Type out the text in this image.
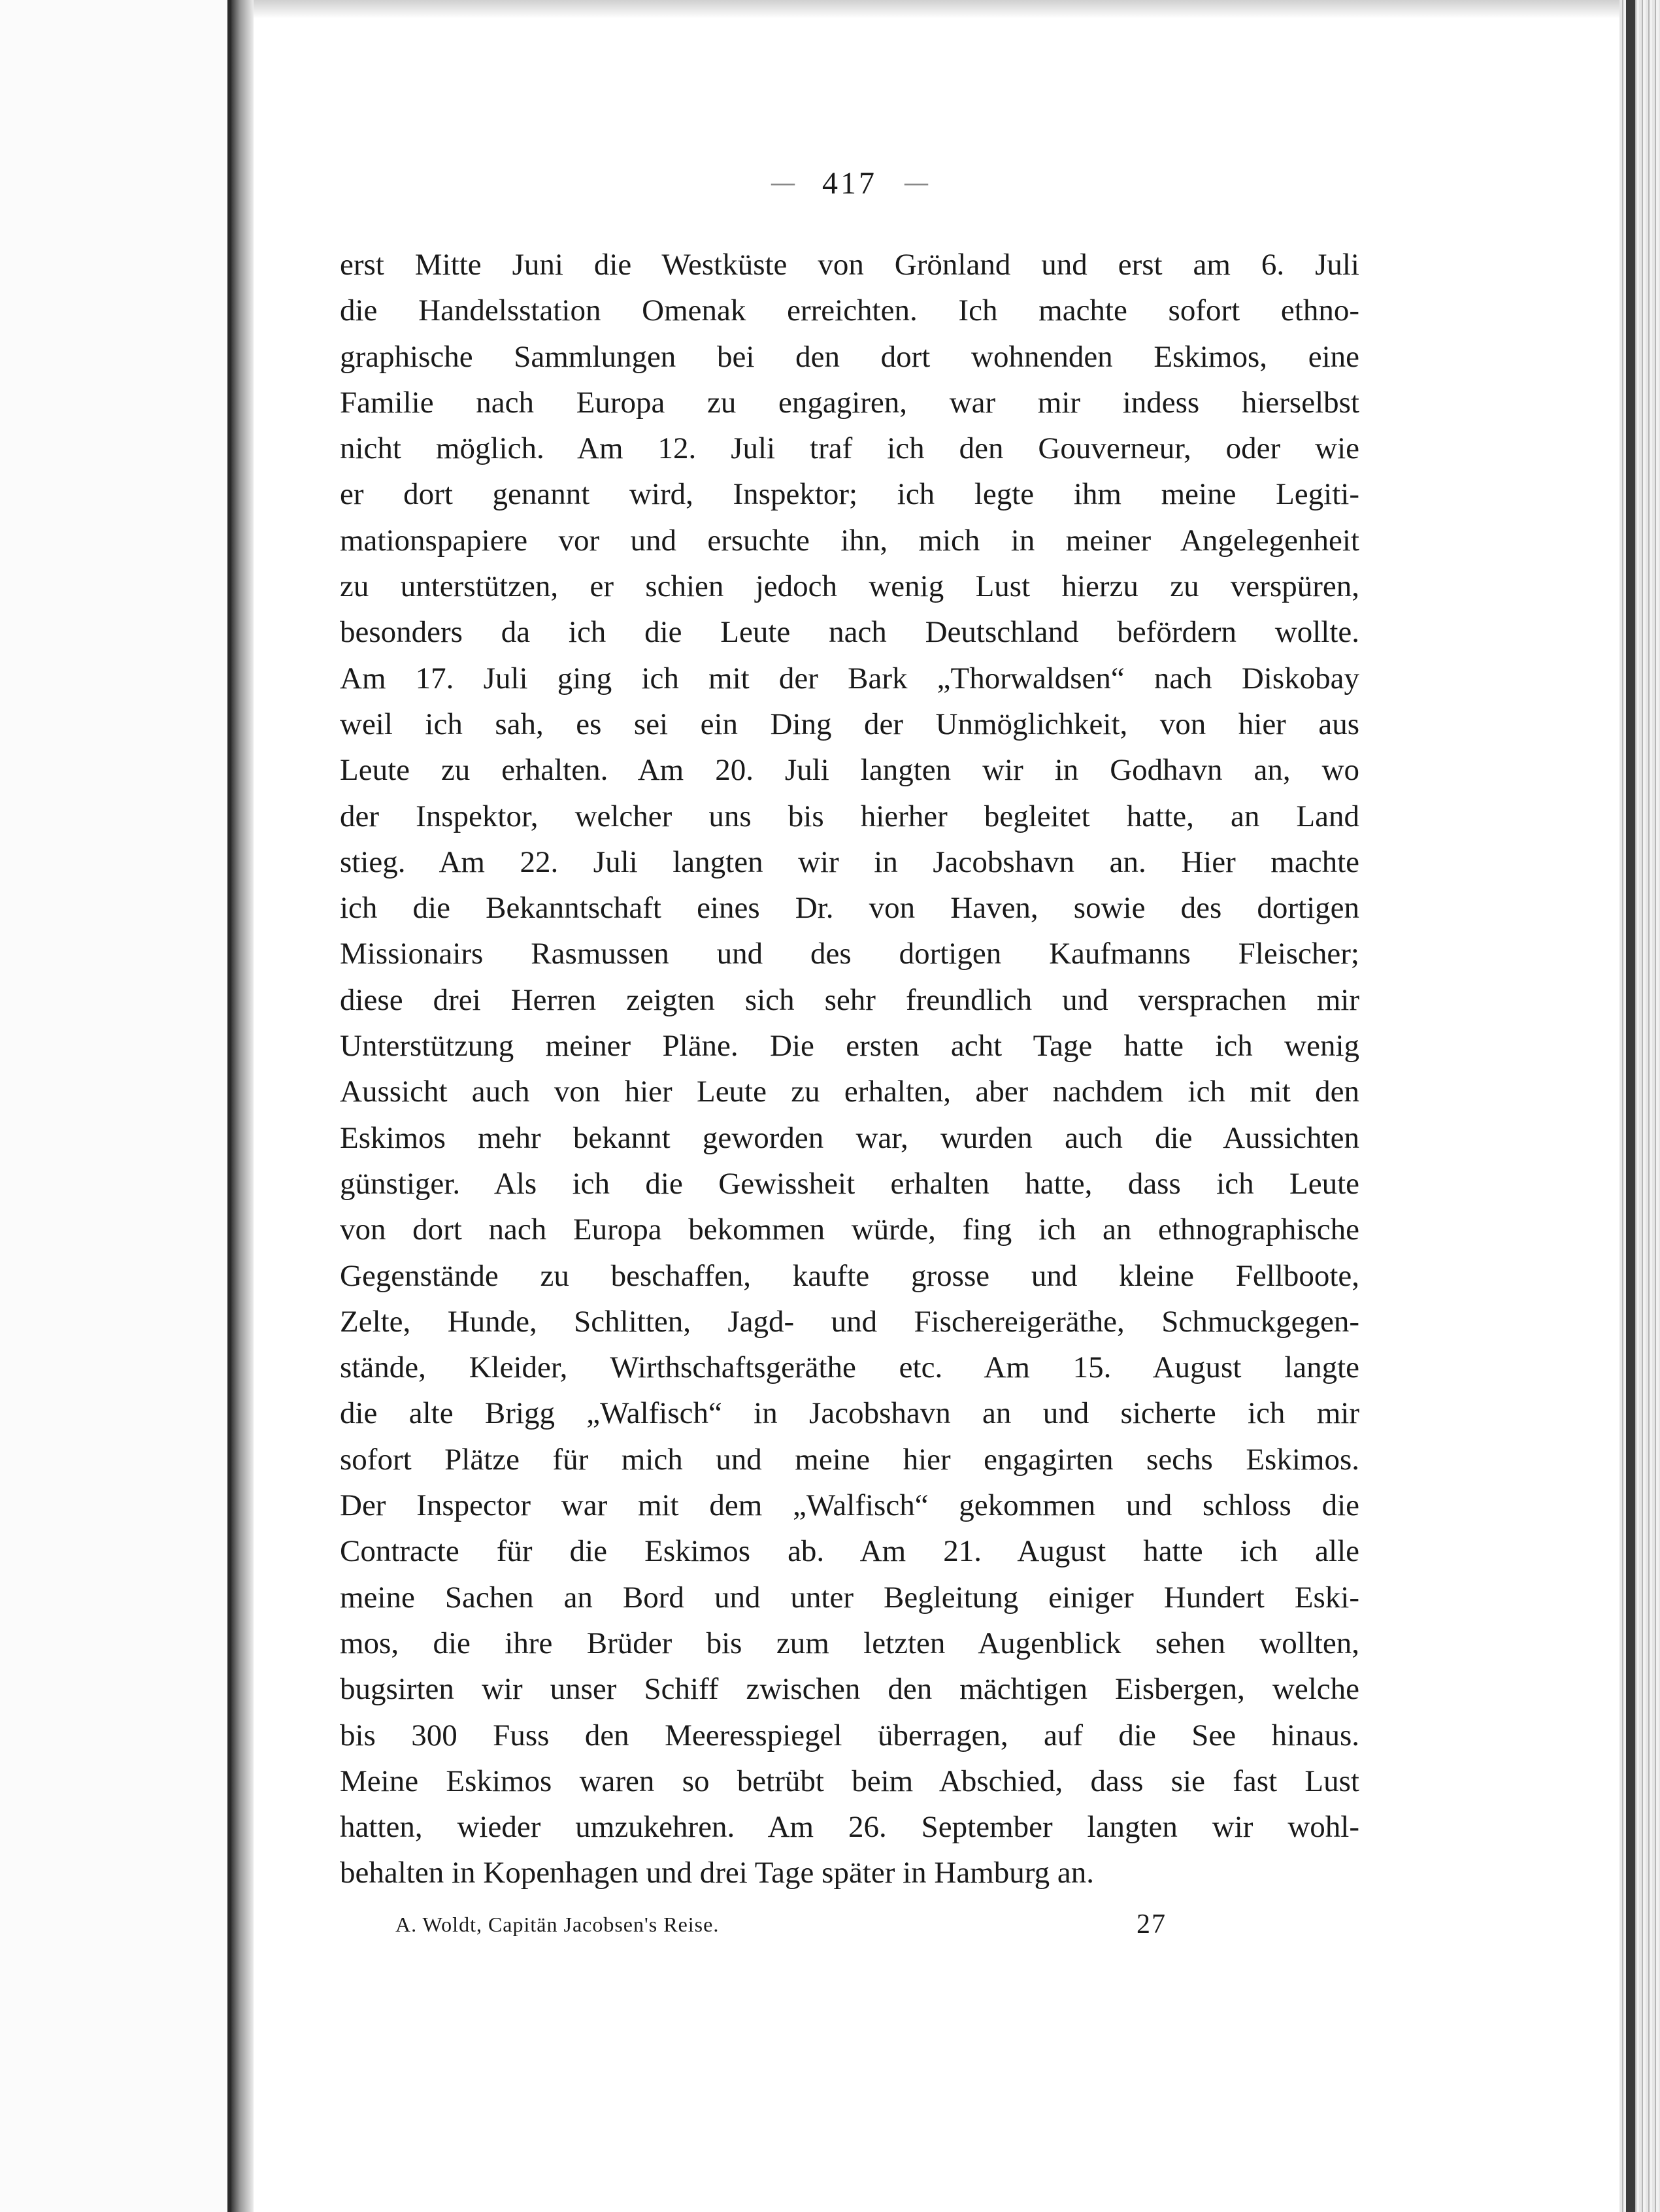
— 417 —
erst Mitte Juni die Westküste von Grönland und erst am 6. Juli
die Handelsstation Omenak erreichten. Ich machte sofort ethno-
graphische Sammlungen bei den dort wohnenden Eskimos, eine
Familie nach Europa zu engagiren, war mir indess hierselbst
nicht möglich. Am 12. Juli traf ich den Gouverneur, oder wie
er dort genannt wird, Inspektor; ich legte ihm meine Legiti-
mationspapiere vor und ersuchte ihn, mich in meiner Angelegenheit
zu unterstützen, er schien jedoch wenig Lust hierzu zu verspüren,
besonders da ich die Leute nach Deutschland befördern wollte.
Am 17. Juli ging ich mit der Bark „Thorwaldsen“ nach Diskobay
weil ich sah, es sei ein Ding der Unmöglichkeit, von hier aus
Leute zu erhalten. Am 20. Juli langten wir in Godhavn an, wo
der Inspektor, welcher uns bis hierher begleitet hatte, an Land
stieg. Am 22. Juli langten wir in Jacobshavn an. Hier machte
ich die Bekanntschaft eines Dr. von Haven, sowie des dortigen
Missionairs Rasmussen und des dortigen Kaufmanns Fleischer;
diese drei Herren zeigten sich sehr freundlich und versprachen mir
Unterstützung meiner Pläne. Die ersten acht Tage hatte ich wenig
Aussicht auch von hier Leute zu erhalten, aber nachdem ich mit den
Eskimos mehr bekannt geworden war, wurden auch die Aussichten
günstiger. Als ich die Gewissheit erhalten hatte, dass ich Leute
von dort nach Europa bekommen würde, fing ich an ethnographische
Gegenstände zu beschaffen, kaufte grosse und kleine Fellboote,
Zelte, Hunde, Schlitten, Jagd- und Fischereigeräthe, Schmuckgegen-
stände, Kleider, Wirthschaftsgeräthe etc. Am 15. August langte
die alte Brigg „Walfisch“ in Jacobshavn an und sicherte ich mir
sofort Plätze für mich und meine hier engagirten sechs Eskimos.
Der Inspector war mit dem „Walfisch“ gekommen und schloss die
Contracte für die Eskimos ab. Am 21. August hatte ich alle
meine Sachen an Bord und unter Begleitung einiger Hundert Eski-
mos, die ihre Brüder bis zum letzten Augenblick sehen wollten,
bugsirten wir unser Schiff zwischen den mächtigen Eisbergen, welche
bis 300 Fuss den Meeresspiegel überragen, auf die See hinaus.
Meine Eskimos waren so betrübt beim Abschied, dass sie fast Lust
hatten, wieder umzukehren. Am 26. September langten wir wohl-
behalten in Kopenhagen und drei Tage später in Hamburg an.
A. Woldt, Capitän Jacobsen's Reise.	27
